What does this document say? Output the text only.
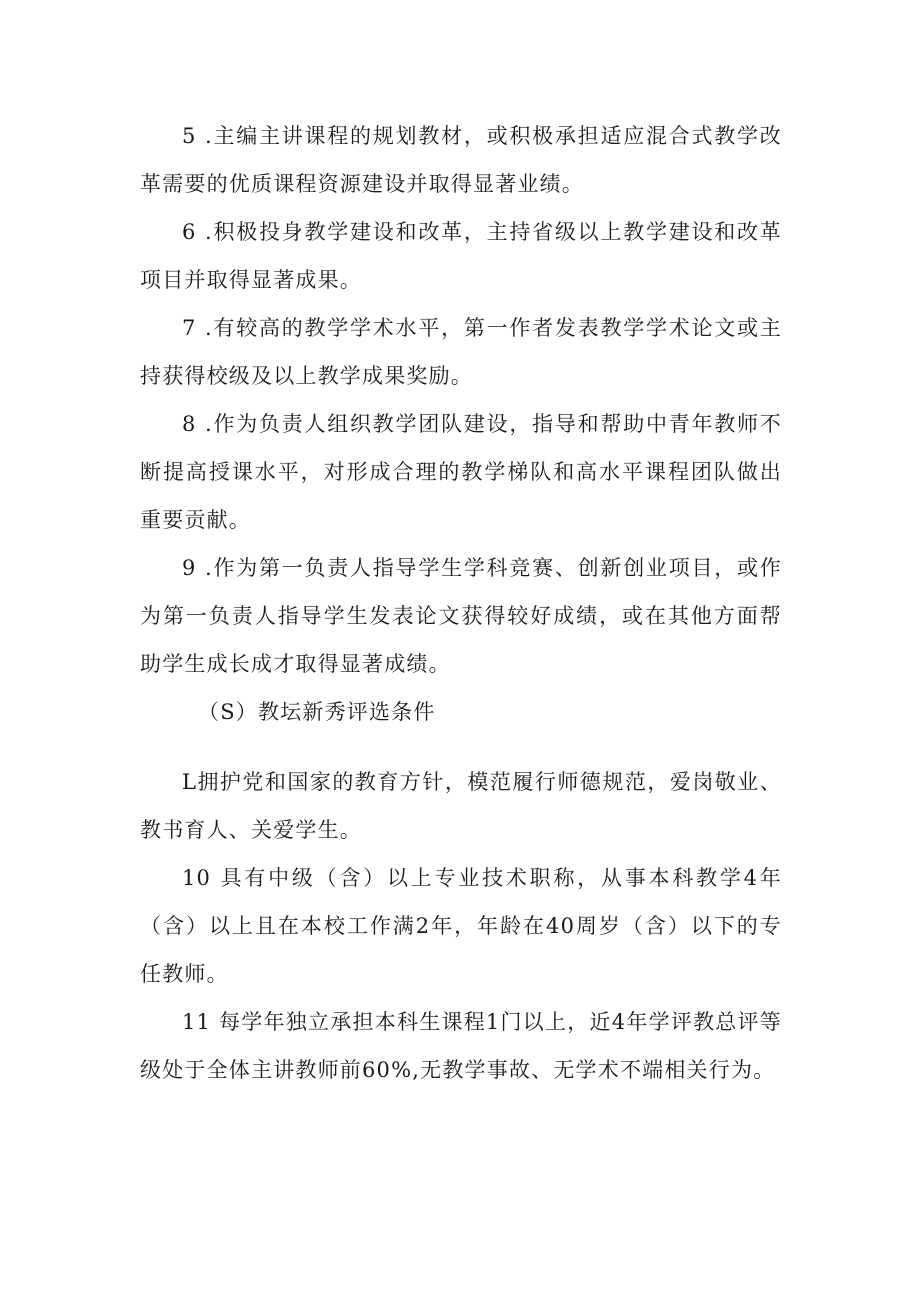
5 .主编主讲课程的规划教材，或积极承担适应混合式教学改革需要的优质课程资源建设并取得显著业绩。

6 .积极投身教学建设和改革，主持省级以上教学建设和改革项目并取得显著成果。

7 .有较高的教学学术水平，第一作者发表教学学术论文或主持获得校级及以上教学成果奖励。

8 .作为负责人组织教学团队建设，指导和帮助中青年教师不断提高授课水平，对形成合理的教学梯队和高水平课程团队做出重要贡献。

9 .作为第一负责人指导学生学科竞赛、创新创业项目，或作为第一负责人指导学生发表论文获得较好成绩，或在其他方面帮助学生成长成才取得显著成绩。

（S）教坛新秀评选条件

L拥护党和国家的教育方针，模范履行师德规范，爱岗敬业、教书育人、关爱学生。

10 具有中级（含）以上专业技术职称，从事本科教学4年（含）以上且在本校工作满2年，年龄在40周岁（含）以下的专任教师。

11 每学年独立承担本科生课程1门以上，近4年学评教总评等级处于全体主讲教师前60%,无教学事故、无学术不端相关行为。
